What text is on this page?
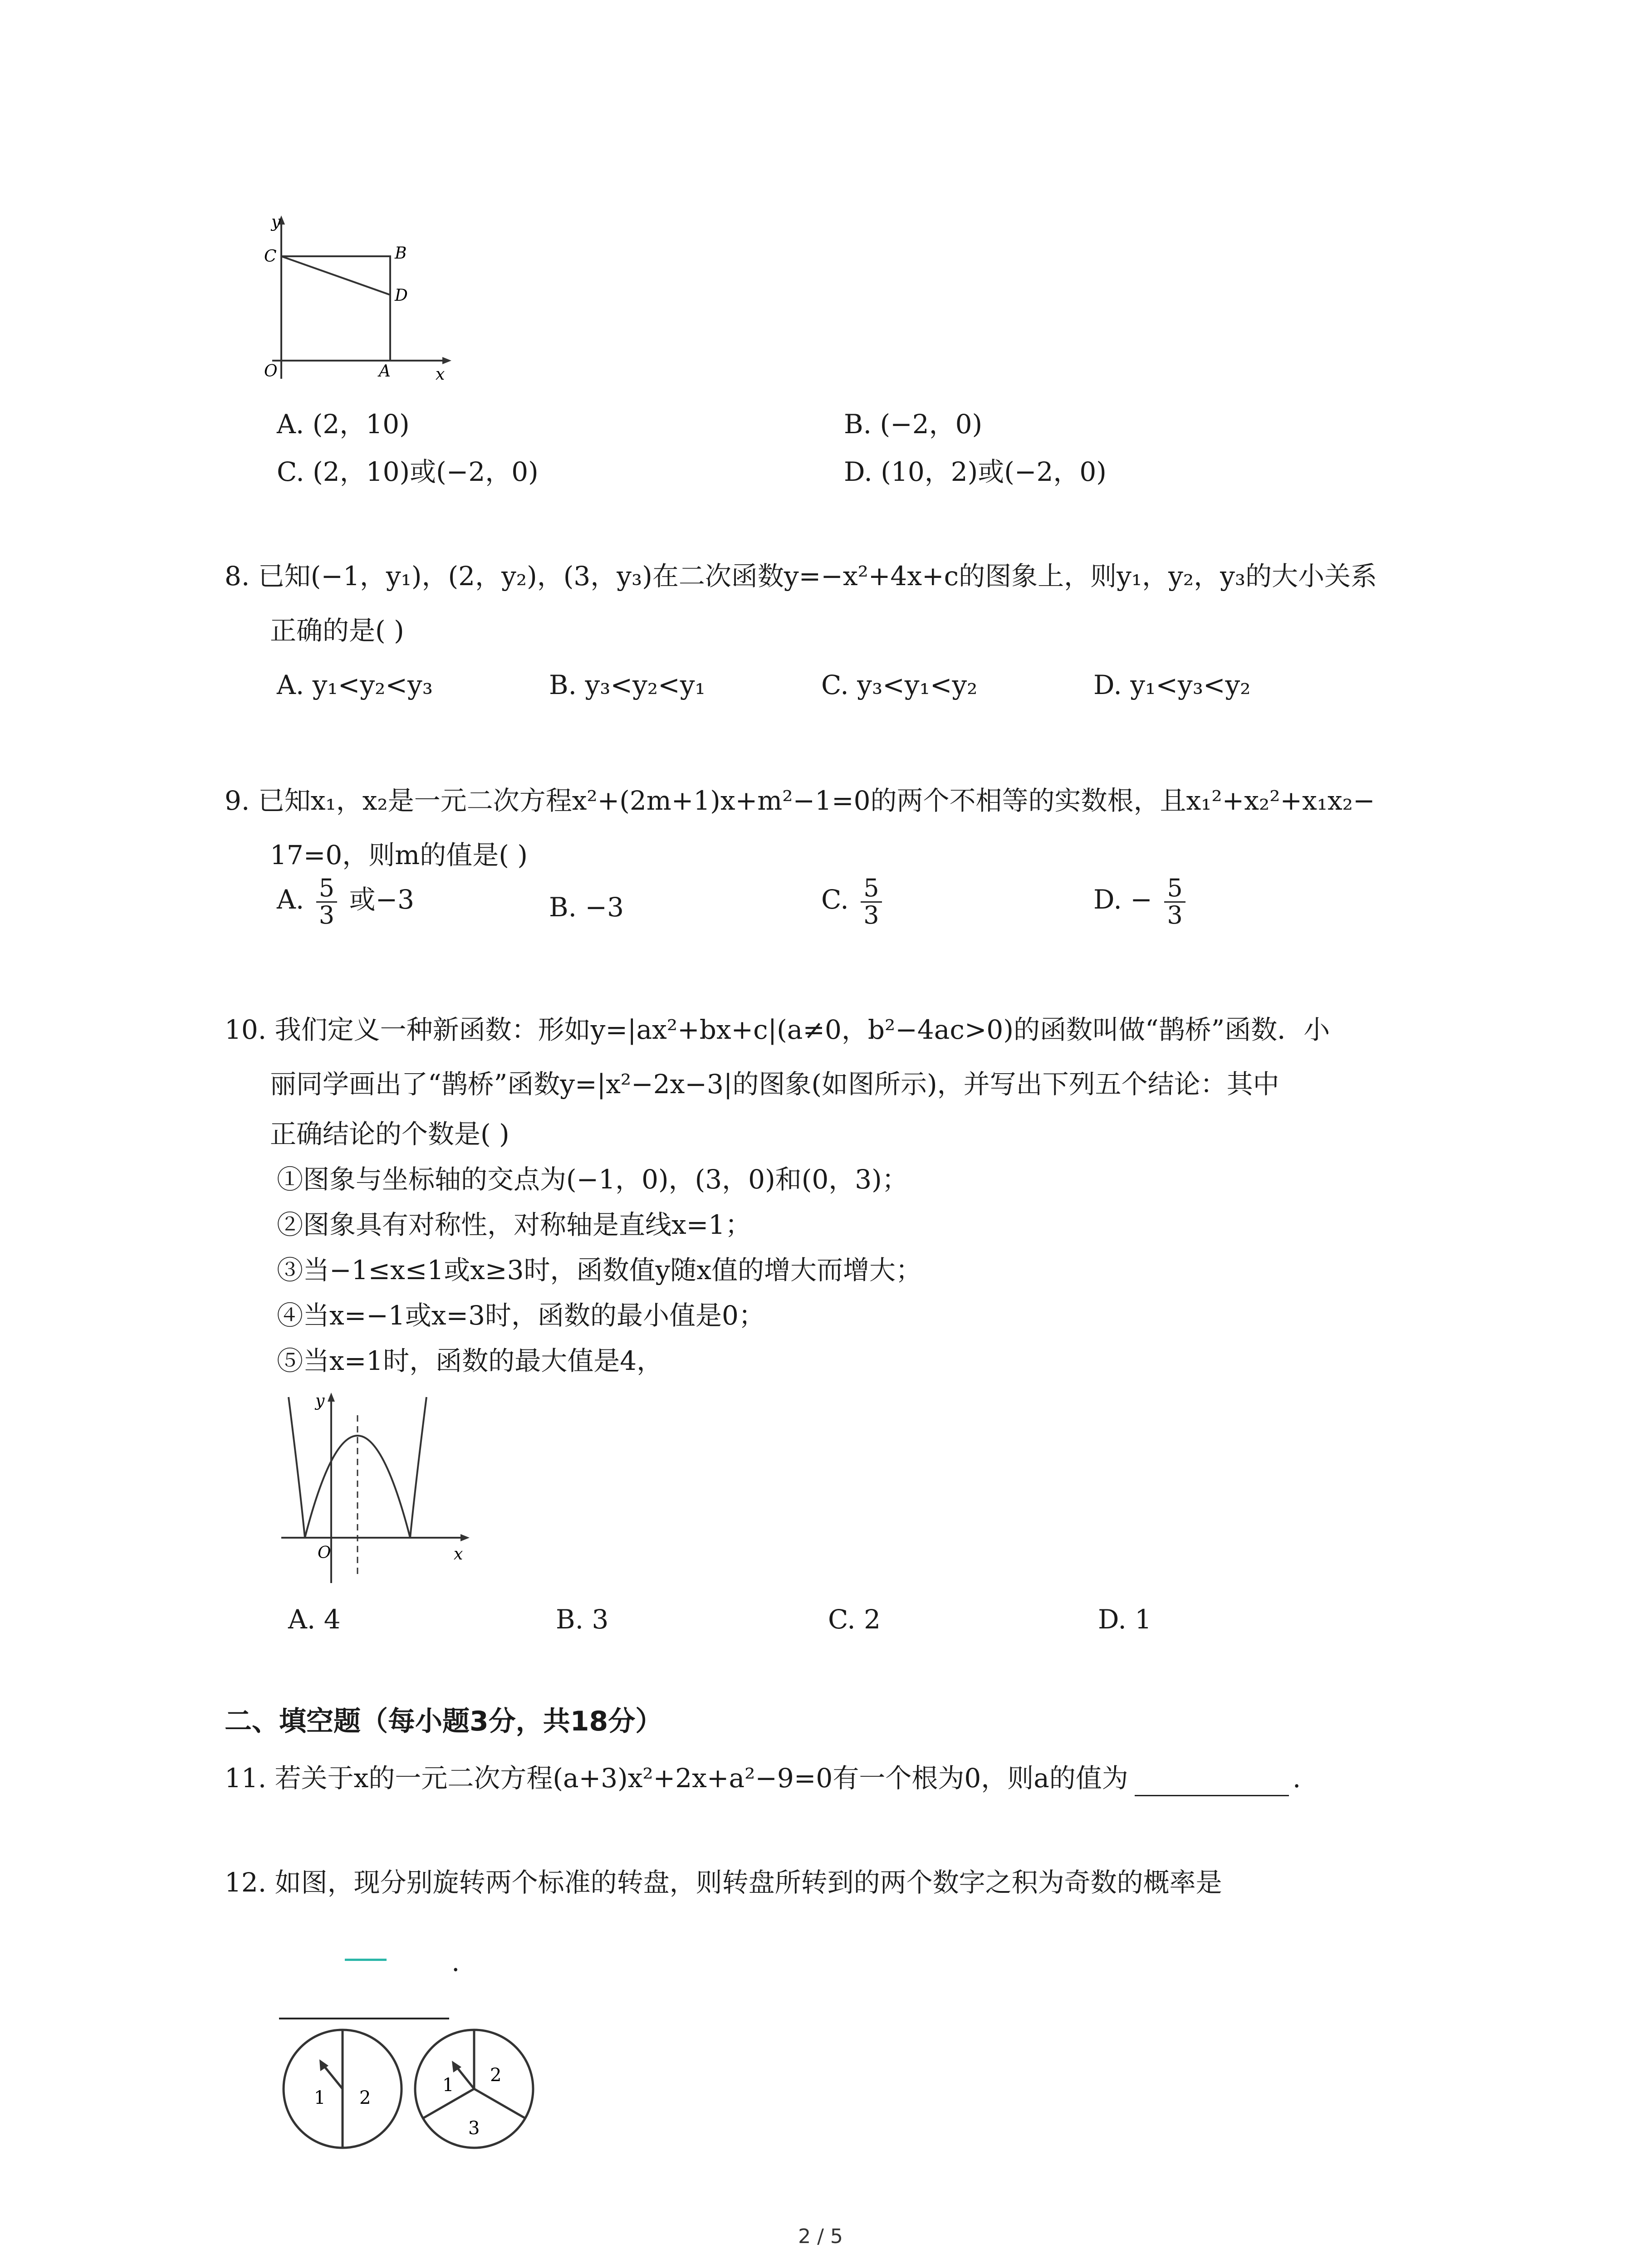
y
C	B
D
O	A	x
A. (2，10)	B. (−2，0)
C. (2，10)或(−2，0)	D. (10，2)或(−2，0)
8. 已知(−1，y₁)，(2，y₂)，(3，y₃)在二次函数y=−x²+4x+c的图象上，则y₁，y₂，y₃的大小关系
正确的是( )
A. y₁<y₂<y₃	B. y₃<y₂<y₁	C. y₃<y₁<y₂	D. y₁<y₃<y₂
9. 已知x₁，x₂是一元二次方程x²+(2m+1)x+m²−1=0的两个不相等的实数根，且x₁²+x₂²+x₁x₂−
17=0，则m的值是( )
A. $\frac{5}{3}$ 或−3	B. −3	C. $\frac{5}{3}$	D. − $\frac{5}{3}$
10. 我们定义一种新函数：形如y=|ax²+bx+c|(a≠0，b²−4ac>0)的函数叫做“鹊桥”函数．小
丽同学画出了“鹊桥”函数y=|x²−2x−3|的图象(如图所示)，并写出下列五个结论：其中
正确结论的个数是( )
①图象与坐标轴的交点为(−1，0)，(3，0)和(0，3)；
②图象具有对称性，对称轴是直线x=1；
③当−1≤x≤1或x≥3时，函数值y随x值的增大而增大；
④当x=−1或x=3时，函数的最小值是0；
⑤当x=1时，函数的最大值是4，
y
O	x
A. 4	B. 3	C. 2	D. 1
二、填空题（每小题3分，共18分）
11. 若关于x的一元二次方程(a+3)x²+2x+a²−9=0有一个根为0，则a的值为	.
12. 如图，现分别旋转两个标准的转盘，则转盘所转到的两个数字之积为奇数的概率是
.
1 2
1 2
3
2 / 5
